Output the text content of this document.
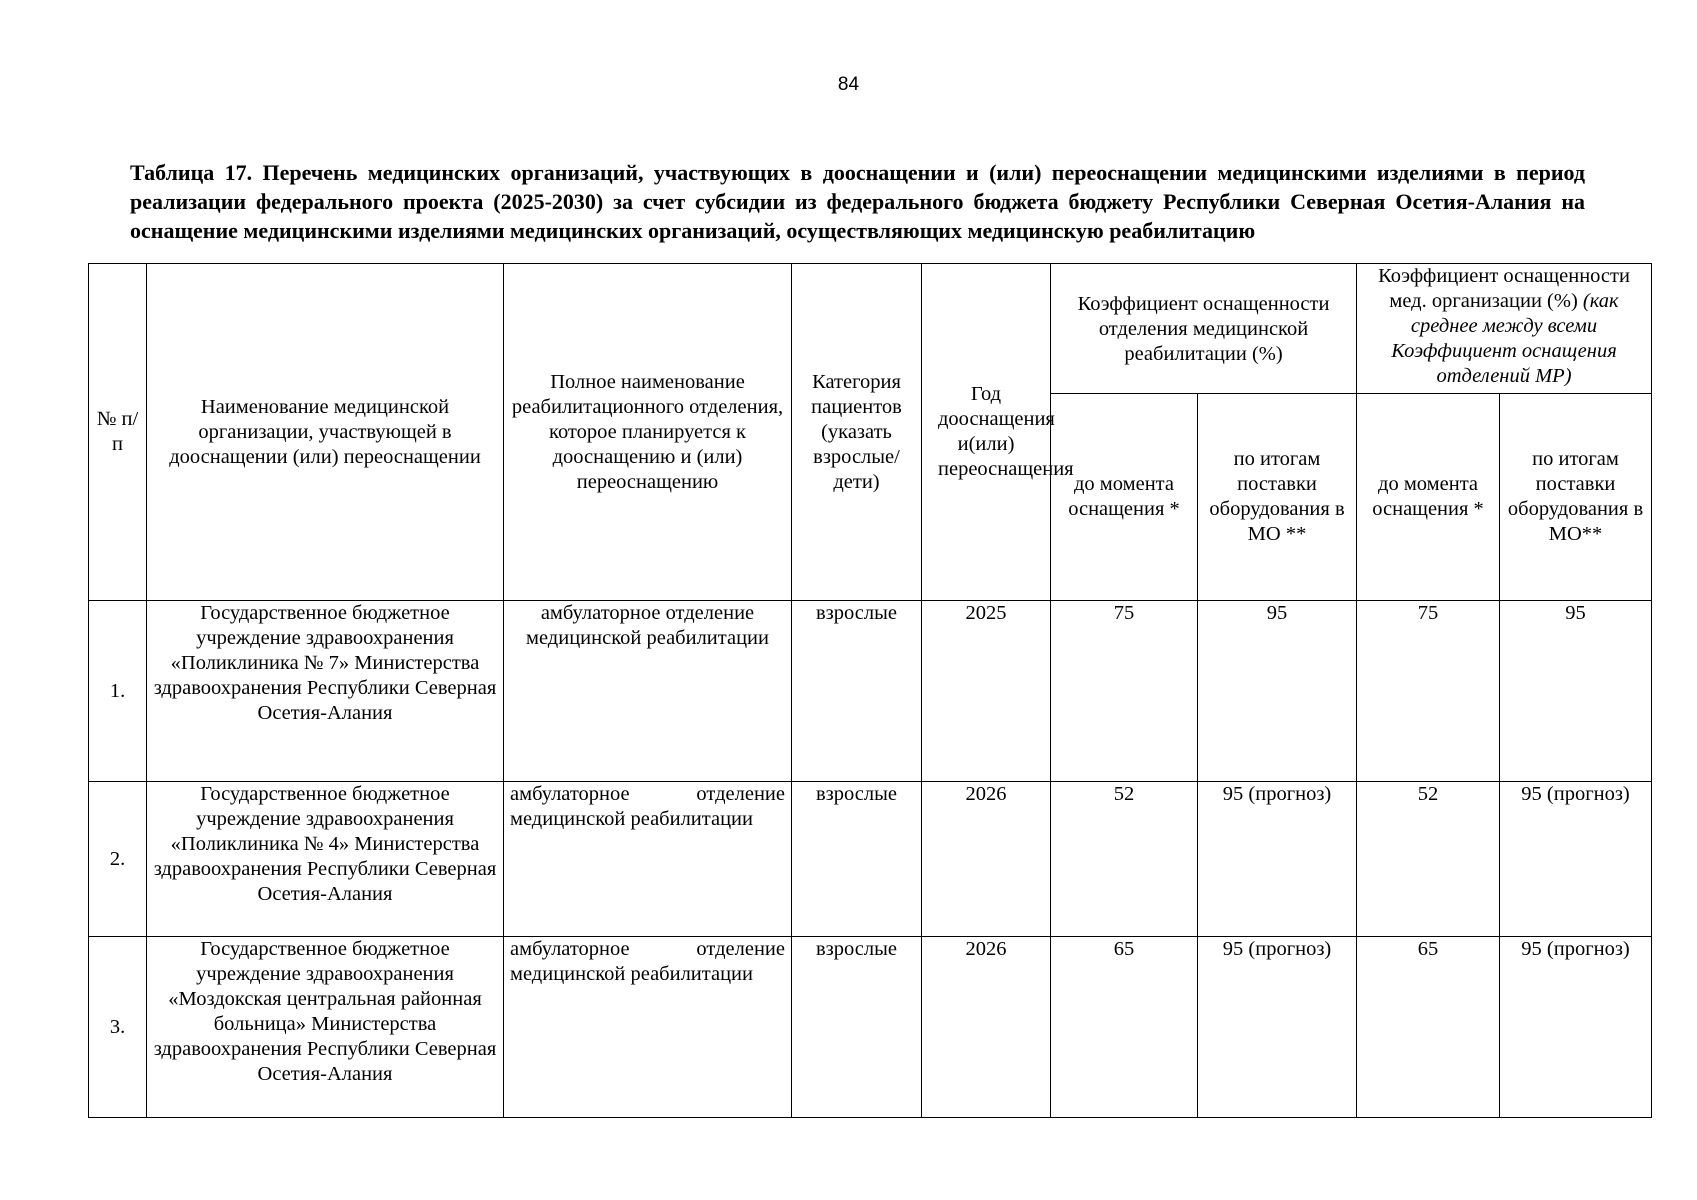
84
Таблица 17. Перечень медицинских организаций, участвующих в дооснащении и (или) переоснащении медицинскими изделиями в период реализации федерального проекта (2025-2030) за счет субсидии из федерального бюджета бюджету Республики Северная Осетия-Алания на оснащение медицинскими изделиями медицинских организаций, осуществляющих медицинскую реабилитацию
№ п/п	Наименование медицинской организации, участвующей в дооснащении (или) переоснащении	Полное наименование реабилитационного отделения, которое планируется к дооснащению и (или) переоснащению	Категория пациентов (указать взрослые/ дети)	Год дооснащения и(или) переоснащения	Коэффициент оснащенности отделения медицинской реабилитации (%)		Коэффициент оснащенности мед. организации (%) (как среднее между всеми Коэффициент оснащения отделений МР)	
					до момента оснащения *	по итогам поставки оборудования в МО **	до момента оснащения *	по итогам поставки оборудования в МО**
1.	Государственное бюджетное учреждение здравоохранения «Поликлиника № 7» Министерства здравоохранения Республики Северная Осетия-Алания	амбулаторное отделение медицинской реабилитации	взрослые	2025	75	95	75	95
2.	Государственное бюджетное учреждение здравоохранения «Поликлиника № 4» Министерства здравоохранения Республики Северная Осетия-Алания	амбулаторное отделение медицинской реабилитации	взрослые	2026	52	95 (прогноз)	52	95 (прогноз)
3.	Государственное бюджетное учреждение здравоохранения «Моздокская центральная районная больница» Министерства здравоохранения Республики Северная Осетия-Алания	амбулаторное отделение медицинской реабилитации	взрослые	2026	65	95 (прогноз)	65	95 (прогноз)
